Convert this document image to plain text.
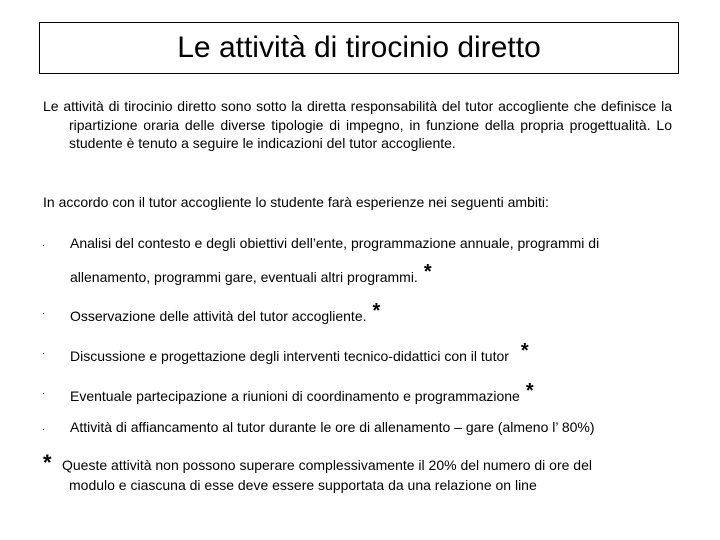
Le attività di tirocinio diretto

Le attività di tirocinio diretto sono sotto la diretta responsabilità del tutor accogliente che definisce la ripartizione oraria delle diverse tipologie di impegno, in funzione della propria progettualità. Lo studente è tenuto a seguire le indicazioni del tutor accogliente.

In accordo con il tutor accogliente lo studente farà esperienze nei seguenti ambiti:

· Analisi del contesto e degli obiettivi dell’ente, programmazione annuale, programmi di allenamento, programmi gare, eventuali altri programmi. *
· Osservazione delle attività del tutor accogliente. *
· Discussione e progettazione degli interventi tecnico-didattici con il tutor *
· Eventuale partecipazione a riunioni di coordinamento e programmazione *
· Attività di affiancamento al tutor durante le ore di allenamento – gare (almeno l’ 80%)
* Queste attività non possono superare complessivamente il 20% del numero di ore del
modulo e ciascuna di esse deve essere supportata da una relazione on line
